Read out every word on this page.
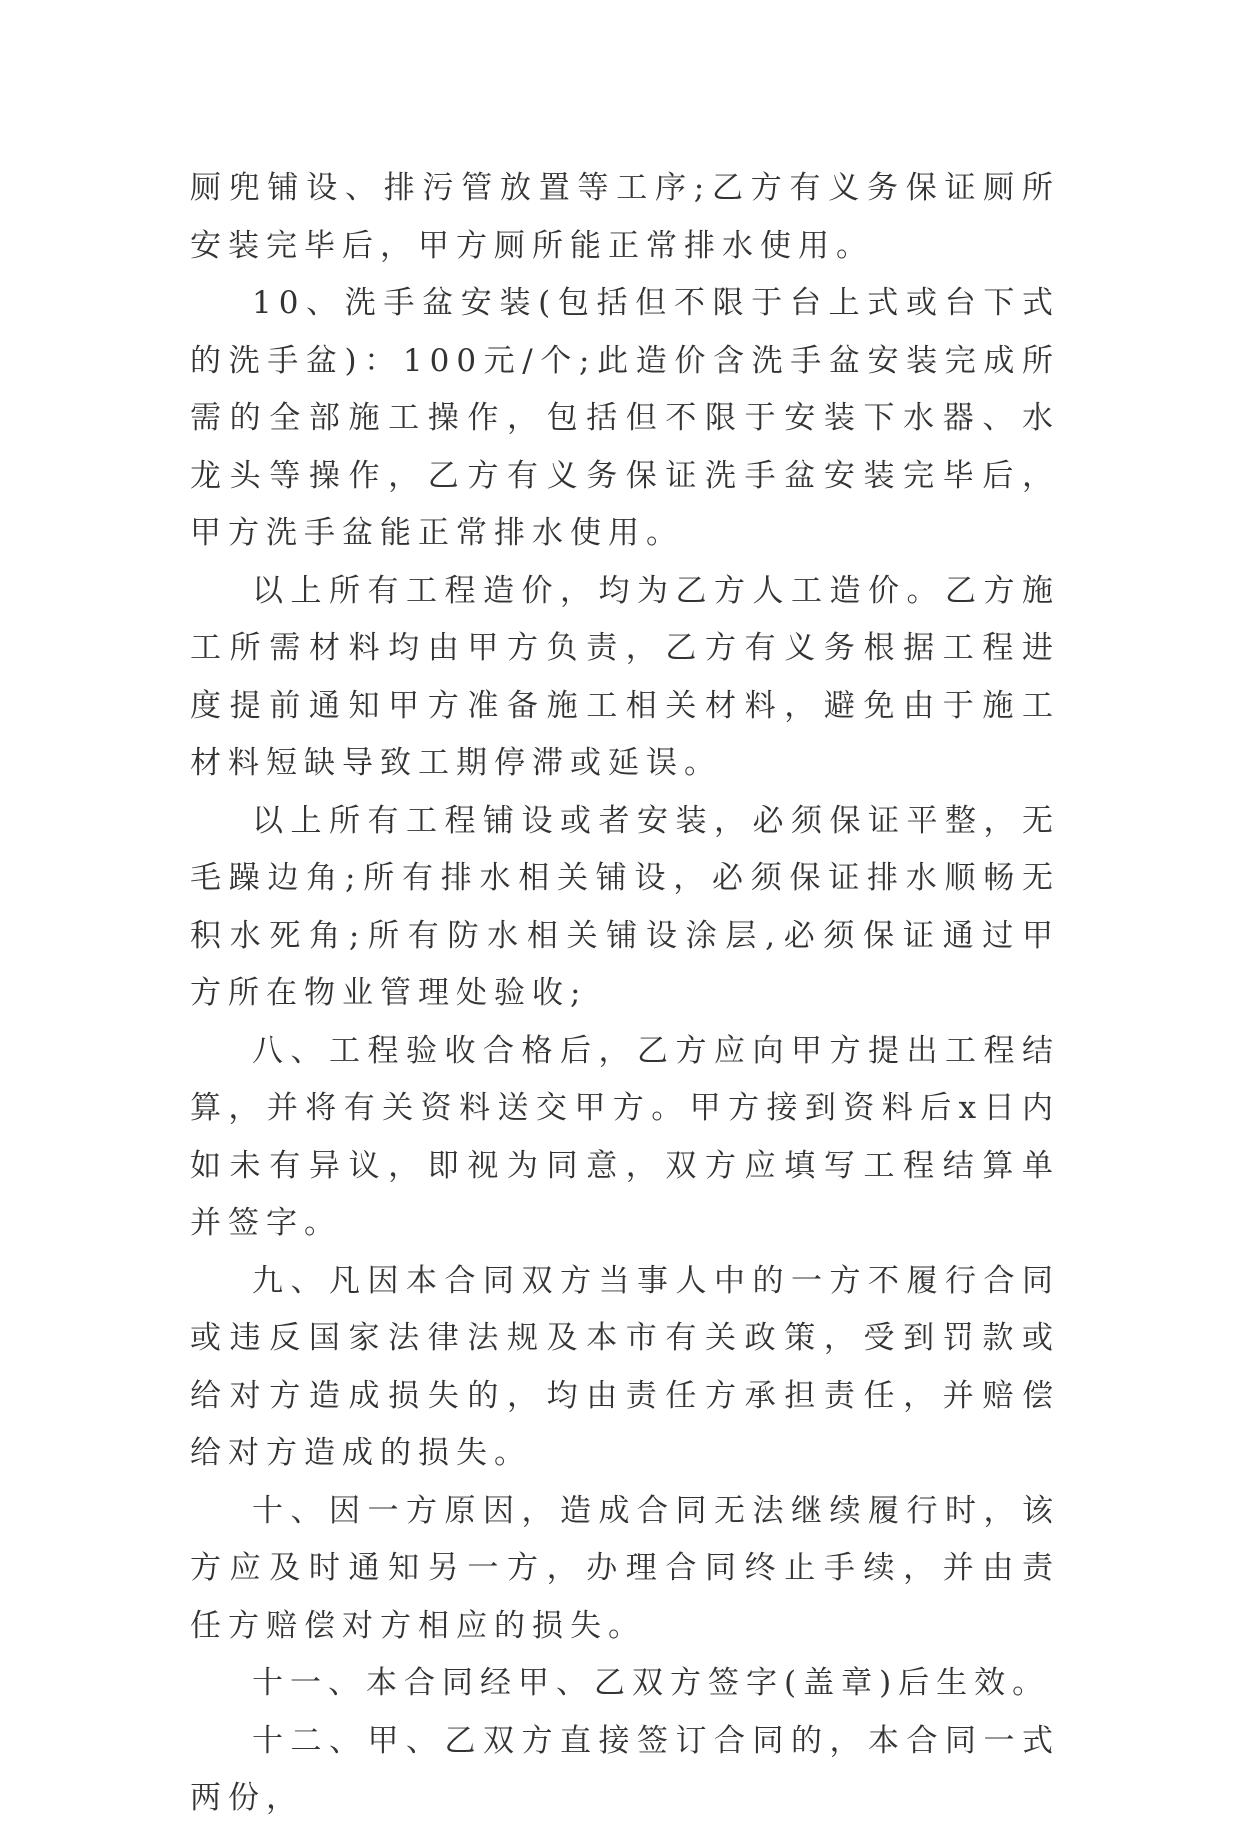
厕兜铺设、排污管放置等工序;乙方有义务保证厕所安装完毕后，甲方厕所能正常排水使用。

10、洗手盆安装(包括但不限于台上式或台下式的洗手盆)：100元/个;此造价含洗手盆安装完成所需的全部施工操作，包括但不限于安装下水器、水龙头等操作，乙方有义务保证洗手盆安装完毕后，甲方洗手盆能正常排水使用。

以上所有工程造价，均为乙方人工造价。乙方施工所需材料均由甲方负责，乙方有义务根据工程进度提前通知甲方准备施工相关材料，避免由于施工材料短缺导致工期停滞或延误。

以上所有工程铺设或者安装，必须保证平整，无毛躁边角;所有排水相关铺设，必须保证排水顺畅无积水死角;所有防水相关铺设涂层,必须保证通过甲方所在物业管理处验收;

八、工程验收合格后，乙方应向甲方提出工程结算，并将有关资料送交甲方。甲方接到资料后x日内如未有异议，即视为同意，双方应填写工程结算单并签字。

九、凡因本合同双方当事人中的一方不履行合同或违反国家法律法规及本市有关政策，受到罚款或给对方造成损失的，均由责任方承担责任，并赔偿给对方造成的损失。

十、因一方原因，造成合同无法继续履行时，该方应及时通知另一方，办理合同终止手续，并由责任方赔偿对方相应的损失。

十一、本合同经甲、乙双方签字(盖章)后生效。

十二、甲、乙双方直接签订合同的，本合同一式两份，
